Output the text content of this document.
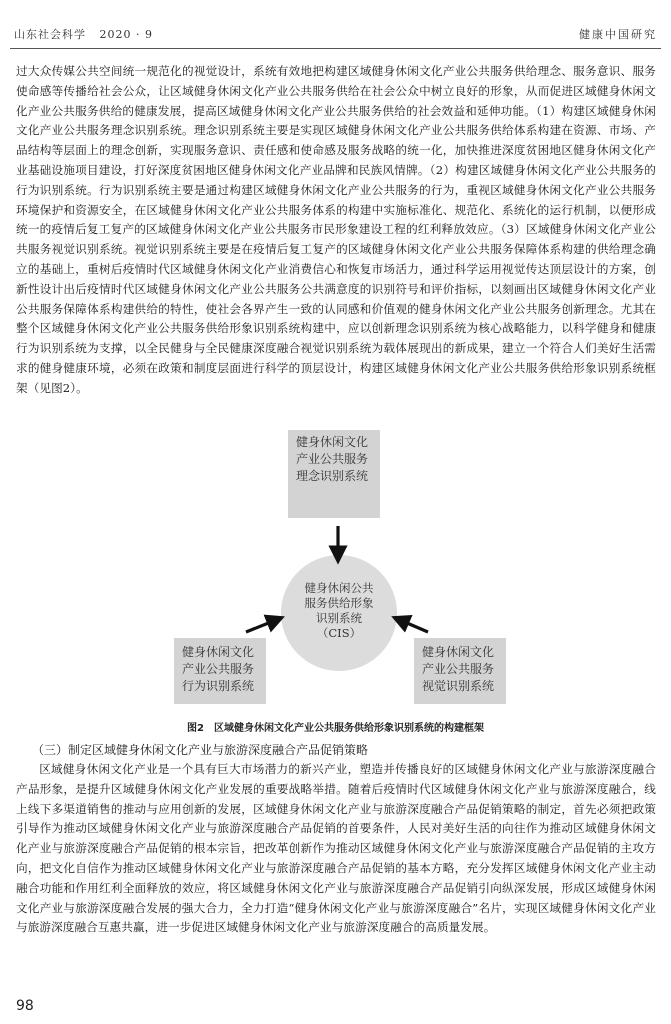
山东社会科学 2020 · 9	健康中国研究

过大众传媒公共空间统一规范化的视觉设计，系统有效地把构建区域健身休闲文化产业公共服务供给理念、服务意识、服务使命感等传播给社会公众，让区域健身休闲文化产业公共服务供给在社会公众中树立良好的形象，从而促进区域健身休闲文化产业公共服务供给的健康发展，提高区域健身休闲文化产业公共服务供给的社会效益和延伸功能。（1）构建区域健身休闲文化产业公共服务理念识别系统。理念识别系统主要是实现区域健身休闲文化产业公共服务供给体系构建在资源、市场、产品结构等层面上的理念创新，实现服务意识、责任感和使命感及服务战略的统一化，加快推进深度贫困地区健身休闲文化产业基础设施项目建设，打好深度贫困地区健身休闲文化产业品牌和民族风情牌。（2）构建区域健身休闲文化产业公共服务的行为识别系统。行为识别系统主要是通过构建区域健身休闲文化产业公共服务的行为，重视区域健身休闲文化产业公共服务环境保护和资源安全，在区域健身休闲文化产业公共服务体系的构建中实施标准化、规范化、系统化的运行机制，以便形成统一的疫情后复工复产的区域健身休闲文化产业公共服务市民形象建设工程的红利释放效应。（3）区域健身休闲文化产业公共服务视觉识别系统。视觉识别系统主要是在疫情后复工复产的区域健身休闲文化产业公共服务保障体系构建的供给理念确立的基础上，重树后疫情时代区域健身休闲文化产业消费信心和恢复市场活力，通过科学运用视觉传达顶层设计的方案，创新性设计出后疫情时代区域健身休闲文化产业公共服务公共满意度的识别符号和评价指标，以刻画出区域健身休闲文化产业公共服务保障体系构建供给的特性，使社会各界产生一致的认同感和价值观的健身休闲文化产业公共服务创新理念。尤其在整个区域健身休闲文化产业公共服务供给形象识别系统构建中，应以创新理念识别系统为核心战略能力，以科学健身和健康行为识别系统为支撑，以全民健身与全民健康深度融合视觉识别系统为载体展现出的新成果，建立一个符合人们美好生活需求的健身健康环境，必须在政策和制度层面进行科学的顶层设计，构建区域健身休闲文化产业公共服务供给形象识别系统框架（见图2）。

健身休闲文化产业公共服务理念识别系统
健身休闲公共服务供给形象识别系统（CIS）
健身休闲文化产业公共服务行为识别系统
健身休闲文化产业公共服务视觉识别系统
图2 区域健身休闲文化产业公共服务供给形象识别系统的构建框架
（三）制定区域健身休闲文化产业与旅游深度融合产品促销策略

区域健身休闲文化产业是一个具有巨大市场潜力的新兴产业，塑造并传播良好的区域健身休闲文化产业与旅游深度融合产品形象，是提升区域健身休闲文化产业发展的重要战略举措。随着后疫情时代区域健身休闲文化产业与旅游深度融合，线上线下多渠道销售的推动与应用创新的发展，区域健身休闲文化产业与旅游深度融合产品促销策略的制定，首先必须把政策引导作为推动区域健身休闲文化产业与旅游深度融合产品促销的首要条件，人民对美好生活的向往作为推动区域健身休闲文化产业与旅游深度融合产品促销的根本宗旨，把改革创新作为推动区域健身休闲文化产业与旅游深度融合产品促销的主攻方向，把文化自信作为推动区域健身休闲文化产业与旅游深度融合产品促销的基本方略，充分发挥区域健身休闲文化产业主动融合功能和作用红利全面释放的效应，将区域健身休闲文化产业与旅游深度融合产品促销引向纵深发展，形成区域健身休闲文化产业与旅游深度融合发展的强大合力，全力打造“健身休闲文化产业与旅游深度融合”名片，实现区域健身休闲文化产业与旅游深度融合互惠共赢，进一步促进区域健身休闲文化产业与旅游深度融合的高质量发展。

98
